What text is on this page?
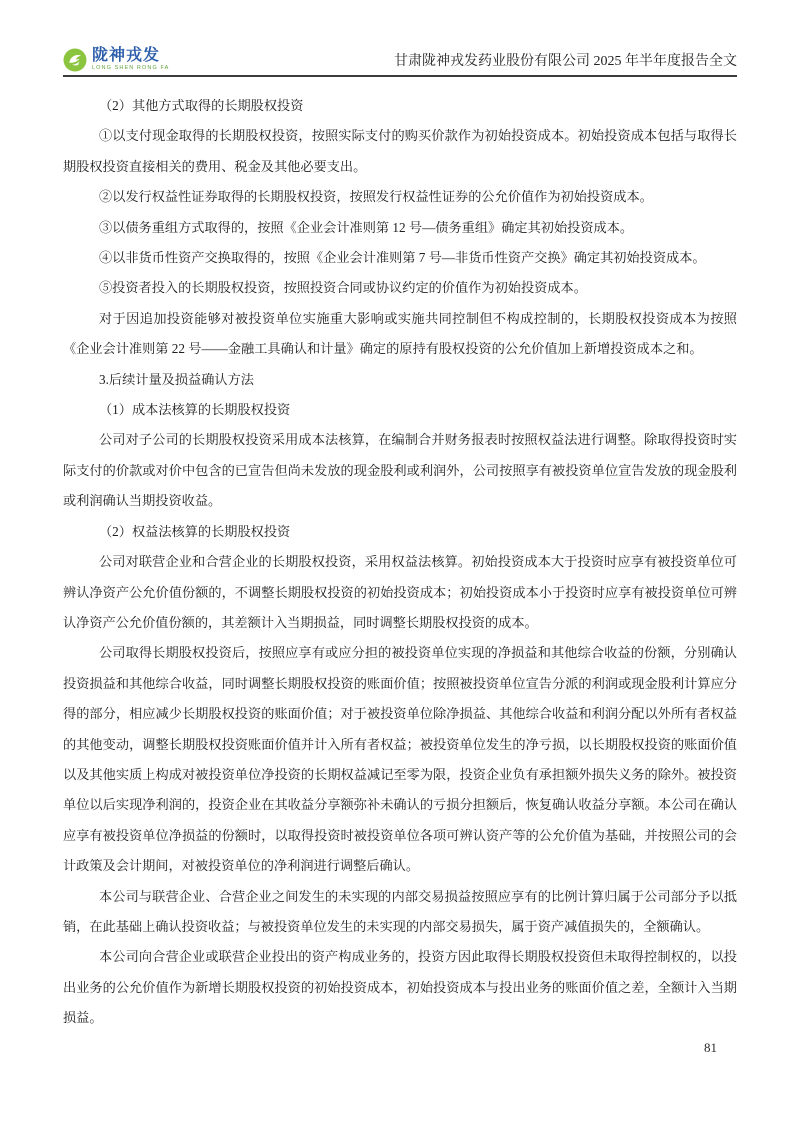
陇神戎发
LONG SHEN RONG FA	甘肃陇神戎发药业股份有限公司 2025 年半年度报告全文

（2）其他方式取得的长期股权投资

①以支付现金取得的长期股权投资，按照实际支付的购买价款作为初始投资成本。初始投资成本包括与取得长期股权投资直接相关的费用、税金及其他必要支出。

②以发行权益性证券取得的长期股权投资，按照发行权益性证券的公允价值作为初始投资成本。

③以债务重组方式取得的，按照《企业会计准则第 12 号—债务重组》确定其初始投资成本。

④以非货币性资产交换取得的，按照《企业会计准则第 7 号—非货币性资产交换》确定其初始投资成本。

⑤投资者投入的长期股权投资，按照投资合同或协议约定的价值作为初始投资成本。

对于因追加投资能够对被投资单位实施重大影响或实施共同控制但不构成控制的，长期股权投资成本为按照《企业会计准则第 22 号——金融工具确认和计量》确定的原持有股权投资的公允价值加上新增投资成本之和。

3.后续计量及损益确认方法

（1）成本法核算的长期股权投资

公司对子公司的长期股权投资采用成本法核算，在编制合并财务报表时按照权益法进行调整。除取得投资时实际支付的价款或对价中包含的已宣告但尚未发放的现金股利或利润外，公司按照享有被投资单位宣告发放的现金股利或利润确认当期投资收益。

（2）权益法核算的长期股权投资

公司对联营企业和合营企业的长期股权投资，采用权益法核算。初始投资成本大于投资时应享有被投资单位可辨认净资产公允价值份额的，不调整长期股权投资的初始投资成本；初始投资成本小于投资时应享有被投资单位可辨认净资产公允价值份额的，其差额计入当期损益，同时调整长期股权投资的成本。

公司取得长期股权投资后，按照应享有或应分担的被投资单位实现的净损益和其他综合收益的份额，分别确认投资损益和其他综合收益，同时调整长期股权投资的账面价值；按照被投资单位宣告分派的利润或现金股利计算应分得的部分，相应减少长期股权投资的账面价值；对于被投资单位除净损益、其他综合收益和利润分配以外所有者权益的其他变动，调整长期股权投资账面价值并计入所有者权益；被投资单位发生的净亏损，以长期股权投资的账面价值以及其他实质上构成对被投资单位净投资的长期权益减记至零为限，投资企业负有承担额外损失义务的除外。被投资单位以后实现净利润的，投资企业在其收益分享额弥补未确认的亏损分担额后，恢复确认收益分享额。本公司在确认应享有被投资单位净损益的份额时，以取得投资时被投资单位各项可辨认资产等的公允价值为基础，并按照公司的会计政策及会计期间，对被投资单位的净利润进行调整后确认。

本公司与联营企业、合营企业之间发生的未实现的内部交易损益按照应享有的比例计算归属于公司部分予以抵销，在此基础上确认投资收益；与被投资单位发生的未实现的内部交易损失，属于资产减值损失的，全额确认。

本公司向合营企业或联营企业投出的资产构成业务的，投资方因此取得长期股权投资但未取得控制权的，以投出业务的公允价值作为新增长期股权投资的初始投资成本，初始投资成本与投出业务的账面价值之差，全额计入当期损益。

81
